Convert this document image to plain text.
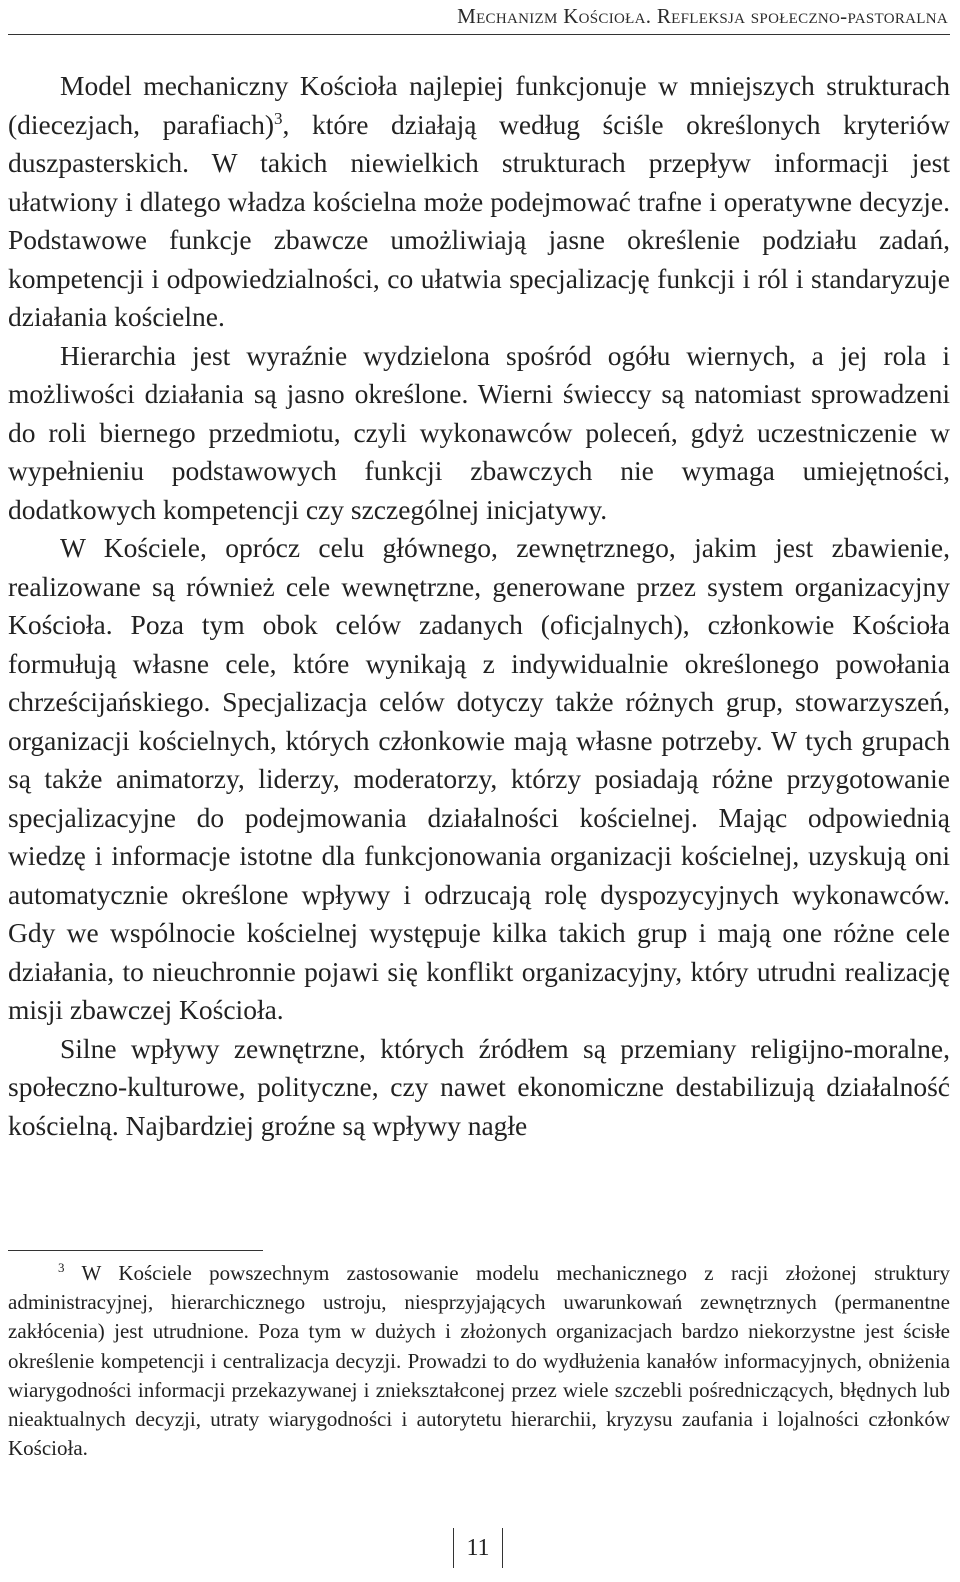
Mechanizm Kościoła. Refleksja społeczno-pastoralna

Model mechaniczny Kościoła najlepiej funkcjonuje w mniejszych strukturach (diecezjach, parafiach)$^3$, które działają według ściśle określonych kryteriów duszpasterskich. W takich niewielkich strukturach przepływ informacji jest ułatwiony i dlatego władza kościelna może podejmować trafne i operatywne decyzje. Podstawowe funkcje zbawcze umożliwiają jasne określenie podziału zadań, kompetencji i odpowiedzialności, co ułatwia specjalizację funkcji i ról i standaryzuje działania kościelne.

Hierarchia jest wyraźnie wydzielona spośród ogółu wiernych, a jej rola i możliwości działania są jasno określone. Wierni świeccy są natomiast sprowadzeni do roli biernego przedmiotu, czyli wykonawców poleceń, gdyż uczestniczenie w wypełnieniu podstawowych funkcji zbawczych nie wymaga umiejętności, dodatkowych kompetencji czy szczególnej inicjatywy.

W Kościele, oprócz celu głównego, zewnętrznego, jakim jest zbawienie, realizowane są również cele wewnętrzne, generowane przez system organizacyjny Kościoła. Poza tym obok celów zadanych (oficjalnych), członkowie Kościoła formułują własne cele, które wynikają z indywidualnie określonego powołania chrześcijańskiego. Specjalizacja celów dotyczy także różnych grup, stowarzyszeń, organizacji kościelnych, których członkowie mają własne potrzeby. W tych grupach są także animatorzy, liderzy, moderatorzy, którzy posiadają różne przygotowanie specjalizacyjne do podejmowania działalności kościelnej. Mając odpowiednią wiedzę i informacje istotne dla funkcjonowania organizacji kościelnej, uzyskują oni automatycznie określone wpływy i odrzucają rolę dyspozycyjnych wykonawców. Gdy we wspólnocie kościelnej występuje kilka takich grup i mają one różne cele działania, to nieuchronnie pojawi się konflikt organizacyjny, który utrudni realizację misji zbawczej Kościoła.

Silne wpływy zewnętrzne, których źródłem są przemiany religijno-moralne, społeczno-kulturowe, polityczne, czy nawet ekonomiczne destabilizują działalność kościelną. Najbardziej groźne są wpływy nagłe

$^3$ W Kościele powszechnym zastosowanie modelu mechanicznego z racji złożonej struktury administracyjnej, hierarchicznego ustroju, niesprzyjających uwarunkowań zewnętrznych (permanentne zakłócenia) jest utrudnione. Poza tym w dużych i złożonych organizacjach bardzo niekorzystne jest ścisłe określenie kompetencji i centralizacja decyzji. Prowadzi to do wydłużenia kanałów informacyjnych, obniżenia wiarygodności informacji przekazywanej i zniekształconej przez wiele szczebli pośredniczących, błędnych lub nieaktualnych decyzji, utraty wiarygodności i autorytetu hierarchii, kryzysu zaufania i lojalności członków Kościoła.

11
